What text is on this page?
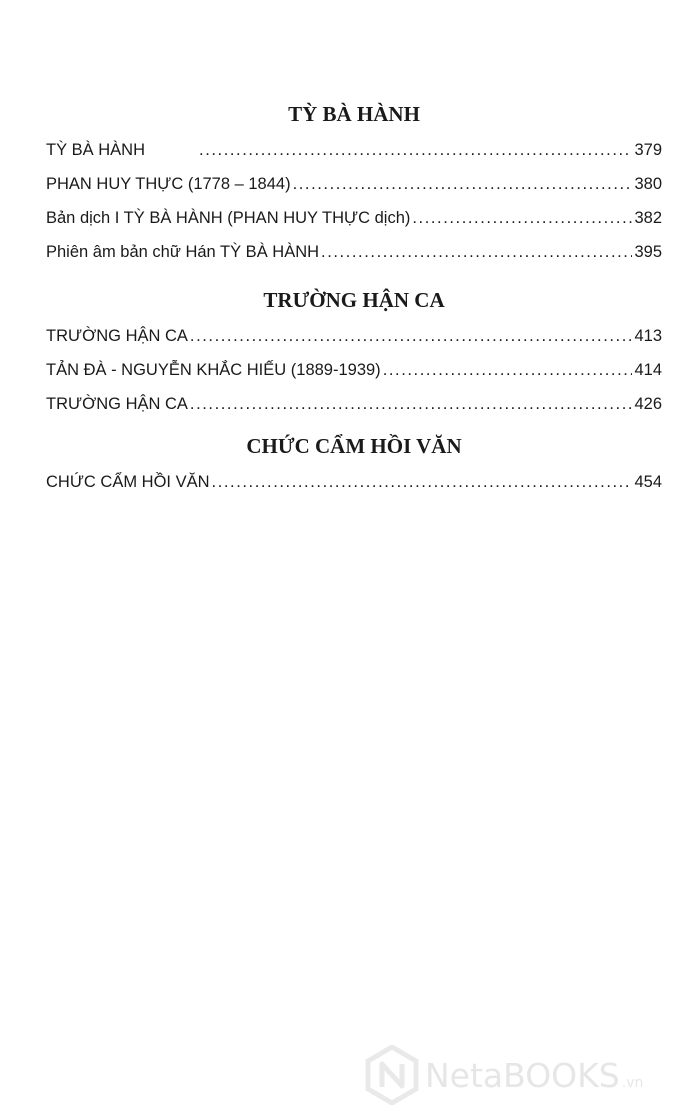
TỲ BÀ HÀNH
TỲ BÀ HÀNH . . .	379
PHAN HUY THỰC (1778 – 1844) . . .	380
Bản dịch I TỲ BÀ HÀNH (PHAN HUY THỰC dịch) . . .	382
Phiên âm bản chữ Hán TỲ BÀ HÀNH . . .	395
TRƯỜNG HẬN CA
TRƯỜNG HẬN CA . . .	413
TẢN ĐÀ - NGUYỄN KHẮC HIẾU (1889-1939) . . .	414
TRƯỜNG HẬN CA . . .	426
CHỨC CẨM HỒI VĂN
CHỨC CẨM HỒI VĂN . . .	454
NetaBOOKS .vn
